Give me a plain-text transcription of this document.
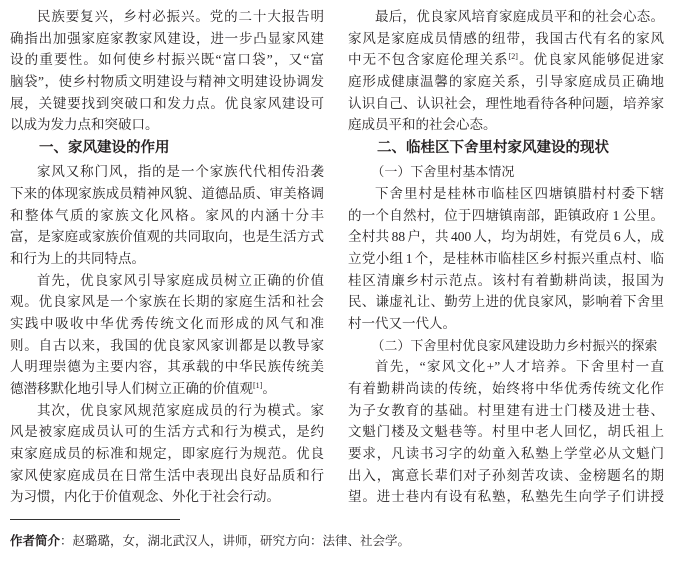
民族要复兴，乡村必振兴。党的二十大报告明
确指出加强家庭家教家风建设，进一步凸显家风建
设的重要性。如何使乡村振兴既“富口袋”，又“富
脑袋”，使乡村物质文明建设与精神文明建设协调发
展，关键要找到突破口和发力点。优良家风建设可
以成为发力点和突破口。
一、家风建设的作用
家风又称门风，指的是一个家族代代相传沿袭
下来的体现家族成员精神风貌、道德品质、审美格调
和整体气质的家族文化风格。家风的内涵十分丰
富，是家庭或家族价值观的共同取向，也是生活方式
和行为上的共同特点。
首先，优良家风引导家庭成员树立正确的价值
观。优良家风是一个家族在长期的家庭生活和社会
实践中吸收中华优秀传统文化而形成的风气和准
则。自古以来，我国的优良家风家训都是以教导家
人明理崇德为主要内容，其承载的中华民族传统美
德潜移默化地引导人们树立正确的价值观[1]。
其次，优良家风规范家庭成员的行为模式。家
风是被家庭成员认可的生活方式和行为模式，是约
束家庭成员的标准和规定，即家庭行为规范。优良
家风使家庭成员在日常生活中表现出良好品质和行
为习惯，内化于价值观念、外化于社会行动。
最后，优良家风培育家庭成员平和的社会心态。
家风是家庭成员情感的纽带，我国古代有名的家风
中无不包含家庭伦理关系[2]。优良家风能够促进家
庭形成健康温馨的家庭关系，引导家庭成员正确地
认识自己、认识社会，理性地看待各种问题，培养家
庭成员平和的社会心态。
二、临桂区下舍里村家风建设的现状
（一）下舍里村基本情况
下舍里村是桂林市临桂区四塘镇腊村村委下辖
的一个自然村，位于四塘镇南部，距镇政府 1 公里。
全村共 88 户，共 400 人，均为胡姓，有党员 6 人，成
立党小组 1 个，是桂林市临桂区乡村振兴重点村、临
桂区清廉乡村示范点。该村有着勤耕尚读，报国为
民、谦虚礼让、勤劳上进的优良家风，影响着下舍里
村一代又一代人。
（二）下舍里村优良家风建设助力乡村振兴的探索
首先，“家风文化+”人才培养。下舍里村一直
有着勤耕尚读的传统，始终将中华优秀传统文化作
为子女教育的基础。村里建有进士门楼及进士巷、
文魁门楼及文魁巷等。村里中老人回忆，胡氏祖上
要求，凡读书习字的幼童入私塾上学堂必从文魁门
出入，寓意长辈们对子孙刻苦攻读、金榜题名的期
望。进士巷内有设有私塾，私塾先生向学子们讲授
作者简介：赵璐璐，女，湖北武汉人，讲师，研究方向：法律、社会学。
